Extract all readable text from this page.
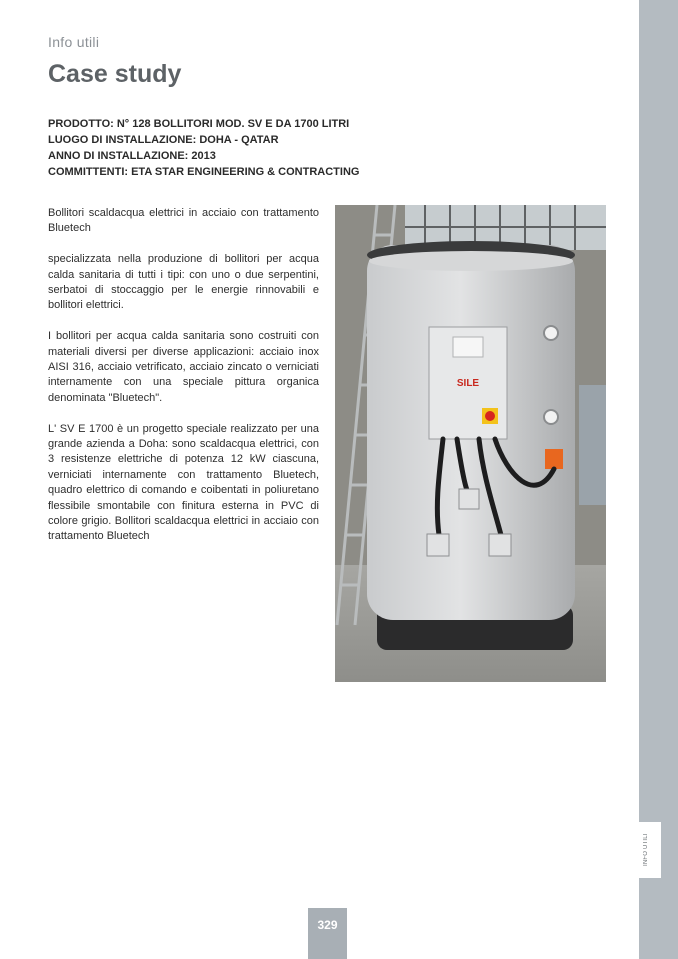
INFO UTILI
Info utili
Case study
PRODOTTO: N° 128 BOLLITORI MOD. SV E DA 1700 LITRI
LUOGO DI INSTALLAZIONE: DOHA - QATAR
ANNO DI INSTALLAZIONE: 2013
COMMITTENTI: ETA STAR ENGINEERING & CONTRACTING

Bollitori scaldacqua elettrici in acciaio con trattamento Bluetech

specializzata nella produzione di bollitori per acqua calda sanitaria di tutti i tipi: con uno o due serpentini, serbatoi di stoccaggio per le energie rinnovabili e bollitori elettrici.

I bollitori per acqua calda sanitaria sono costruiti con materiali diversi per diverse applicazioni: acciaio inox AISI 316, acciaio vetrificato, acciaio zincato o verniciati internamente con una speciale pittura organica denominata "Bluetech".

L' SV E 1700 è un progetto speciale realizzato per una grande azienda a Doha: sono scaldacqua elettrici, con 3 resistenze elettriche di potenza 12 kW ciascuna, verniciati internamente con trattamento Bluetech, quadro elettrico di comando e coibentati in poliuretano flessibile smontabile con finitura esterna in PVC di colore grigio. Bollitori scaldacqua elettrici in acciaio con trattamento Bluetech

SILE
329
